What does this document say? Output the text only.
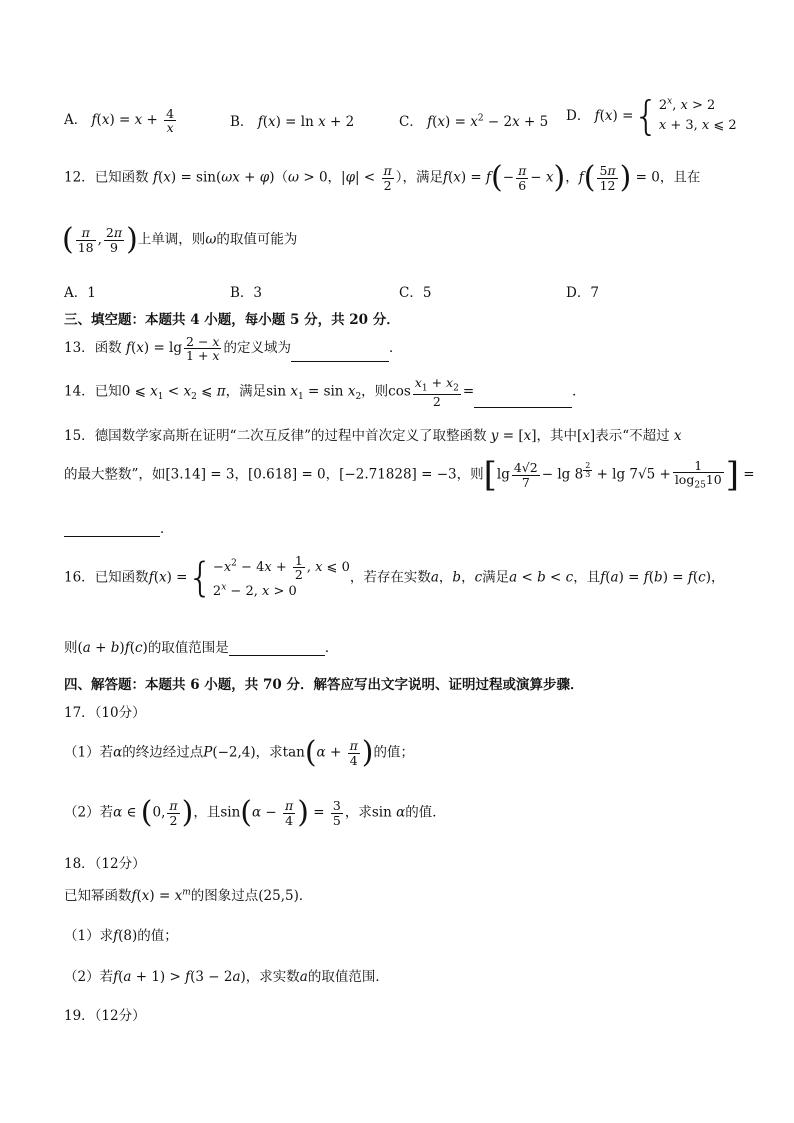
A． $f(x) = x + \frac{4}{x}$	B． f(x) = ln x + 2	C． $f(x) = x^2 - 2x + 5$ D． $f(x) =\{2^x$, x > 2
x + 3, x ⩽ 2
12．已知函数 f(x) = sin(ωx + φ)（ω > 0，$|\varphi| < \frac{\pi}{2}$ ），满足$f(x) = f(- \frac{\pi}{6} - x)$，$f( \frac{5\pi}{12}$ ) = 0，且在
( $\frac{\pi}{18}$ , $\frac{2\pi}{9}$ )上单调，则ω的取值可能为
A．1	B．3	C．5	D．7
三、填空题：本题共 4 小题，每小题 5 分，共 20 分．
13．函数 $f(x) = \lg \frac{2 - x}{1 + x}$ 的定义域为	．
14．已知0 ⩽ $x_1 < x_2$ ⩽ π，满足$\sin x_1 = \sin x_2$，则$\cos \frac{x_1 + x_2}{2}$ =	．
15．德国数学家高斯在证明“二次互反律”的过程中首次定义了取整函数 y = [x]，其中[x]表示“不超过 x
的最大整数”，如[3.14] = 3，[0.618] = 0，[−2.71828] = −3，则[$\lg \frac{4√2}{7} - \lg 8$ $^{\frac{2}{3}} + \lg 7√5 + \frac{1}{\log_{25}10}$ ] =
．
16．已知函数$f(x) =\{-x^2 - 4x + \frac{1}{2}$ , x ⩽ 0
$2^x - 2$, x > 0，若存在实数a，b，c满足a < b < c，且f(a) = f(b) = f(c)，
则(a + b)f(c)的取值范围是	．
四、解答题：本题共 6 小题，共 70 分．解答应写出文字说明、证明过程或演算步骤．
17．（10分）
（1）若α的终边经过点P(−2,4)，求$\tan(\alpha + \frac{\pi}{4}$ )的值；
（2）若α ∈ (0, $\frac{\pi}{2}$ )，且$\sin(\alpha - \frac{\pi}{4}$ ) = $\frac{3}{5}$ ，求sin α的值．
18．（12分）
已知幂函数$f(x) = x^m$的图象过点(25,5)．
（1）求f(8)的值；
（2）若f(a + 1) > f(3 − 2a)，求实数a的取值范围．
19．（12分）
